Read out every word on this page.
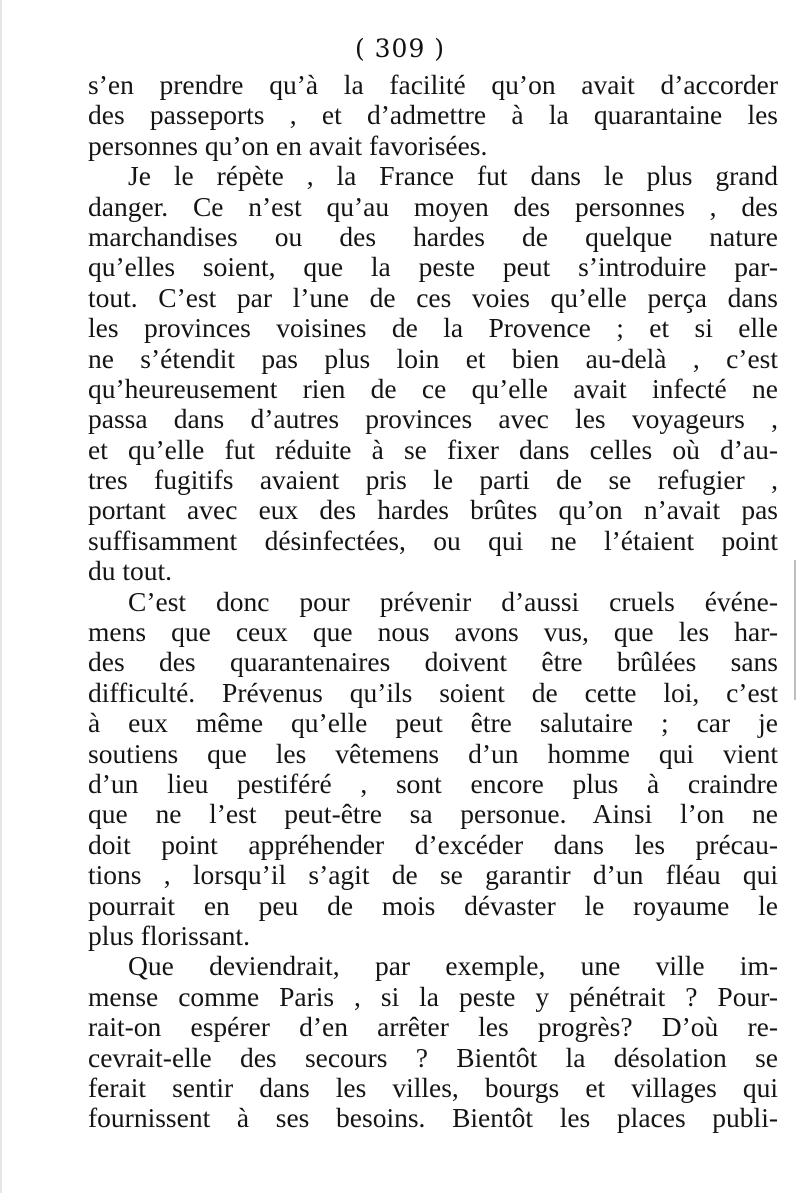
( 309 )
s’en prendre qu’à la facilité qu’on avait d’accorder
des passeports , et d’admettre à la quarantaine les
personnes qu’on en avait favorisées.
Je le répète , la France fut dans le plus grand
danger. Ce n’est qu’au moyen des personnes , des
marchandises ou des hardes de quelque nature
qu’elles soient, que la peste peut s’introduire par-
tout. C’est par l’une de ces voies qu’elle perça dans
les provinces voisines de la Provence ; et si elle
ne s’étendit pas plus loin et bien au-delà , c’est
qu’heureusement rien de ce qu’elle avait infecté ne
passa dans d’autres provinces avec les voyageurs ,
et qu’elle fut réduite à se fixer dans celles où d’au-
tres fugitifs avaient pris le parti de se refugier ,
portant avec eux des hardes brûtes qu’on n’avait pas
suffisamment désinfectées, ou qui ne l’étaient point
du tout.
C’est donc pour prévenir d’aussi cruels événe-
mens que ceux que nous avons vus, que les har-
des des quarantenaires doivent être brûlées sans
difficulté. Prévenus qu’ils soient de cette loi, c’est
à eux même qu’elle peut être salutaire ; car je
soutiens que les vêtemens d’un homme qui vient
d’un lieu pestiféré , sont encore plus à craindre
que ne l’est peut-être sa personue. Ainsi l’on ne
doit point appréhender d’excéder dans les précau-
tions , lorsqu’il s’agit de se garantir d’un fléau qui
pourrait en peu de mois dévaster le royaume le
plus florissant.
Que deviendrait, par exemple, une ville im-
mense comme Paris , si la peste y pénétrait ? Pour-
rait-on espérer d’en arrêter les progrès? D’où re-
cevrait-elle des secours ? Bientôt la désolation se
ferait sentir dans les villes, bourgs et villages qui
fournissent à ses besoins. Bientôt les places publi-
